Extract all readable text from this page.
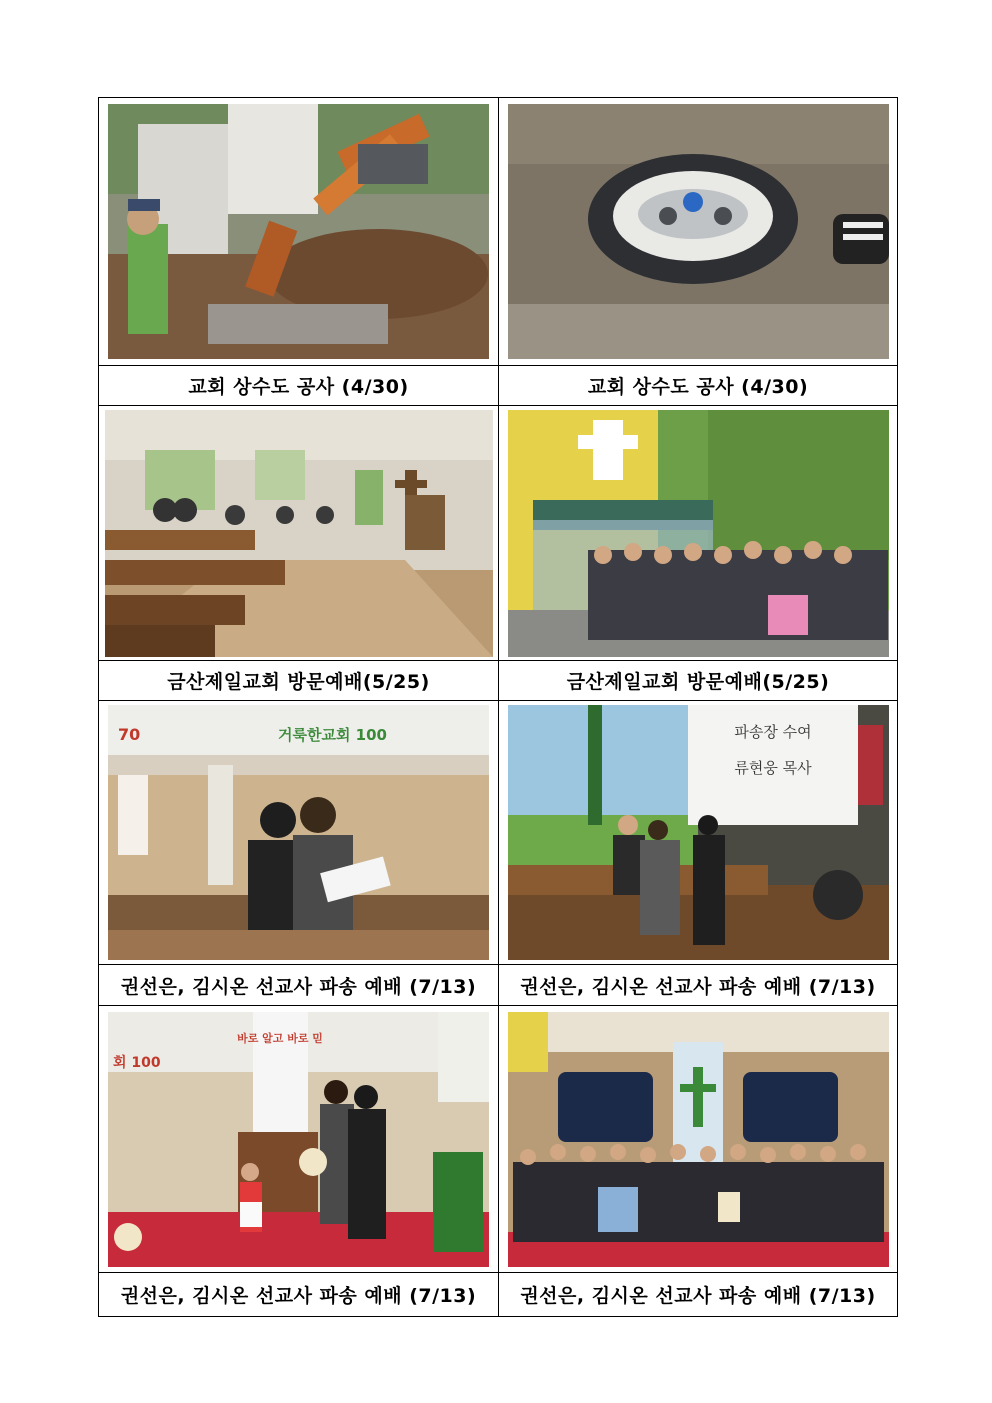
교회 상수도 공사 (4/30)	교회 상수도 공사 (4/30)

금산제일교회 방문예배(5/25)	금산제일교회 방문예배(5/25)

70 거룩한교회 100	파송장 수여
류현웅 목사

권선은, 김시온 선교사 파송 예배 (7/13)	권선은, 김시온 선교사 파송 예배 (7/13)

회 100
바로 알고 바로 믿

권선은, 김시온 선교사 파송 예배 (7/13)	권선은, 김시온 선교사 파송 예배 (7/13)
